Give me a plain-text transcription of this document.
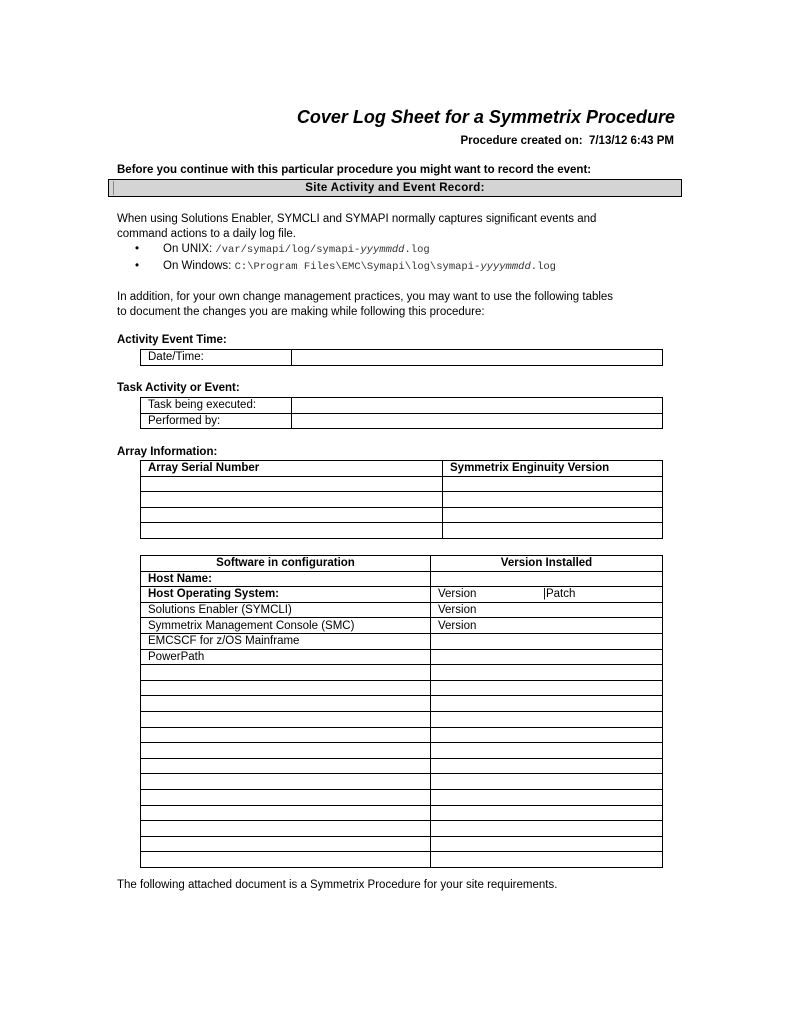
Cover Log Sheet for a Symmetrix Procedure
Procedure created on: 7/13/12 6:43 PM
Before you continue with this particular procedure you might want to record the event:
Site Activity and Event Record:
When using Solutions Enabler, SYMCLI and SYMAPI normally captures significant events and
command actions to a daily log file.
• On UNIX: /var/symapi/log/symapi-yyymmdd.log
• On Windows: C:\Program Files\EMC\Symapi\log\symapi-yyyymmdd.log
In addition, for your own change management practices, you may want to use the following tables
to document the changes you are making while following this procedure:
Activity Event Time:
Date/Time:	
Task Activity or Event:
Task being executed:	
Performed by:	
Array Information:
Array Serial Number	Symmetrix Enginuity Version

Software in configuration	Version Installed
Host Name:	
Host Operating System:	Version |Patch
Solutions Enabler (SYMCLI)	Version
Symmetrix Management Console (SMC)	Version
EMCSCF for z/OS Mainframe	
PowerPath	

The following attached document is a Symmetrix Procedure for your site requirements.
